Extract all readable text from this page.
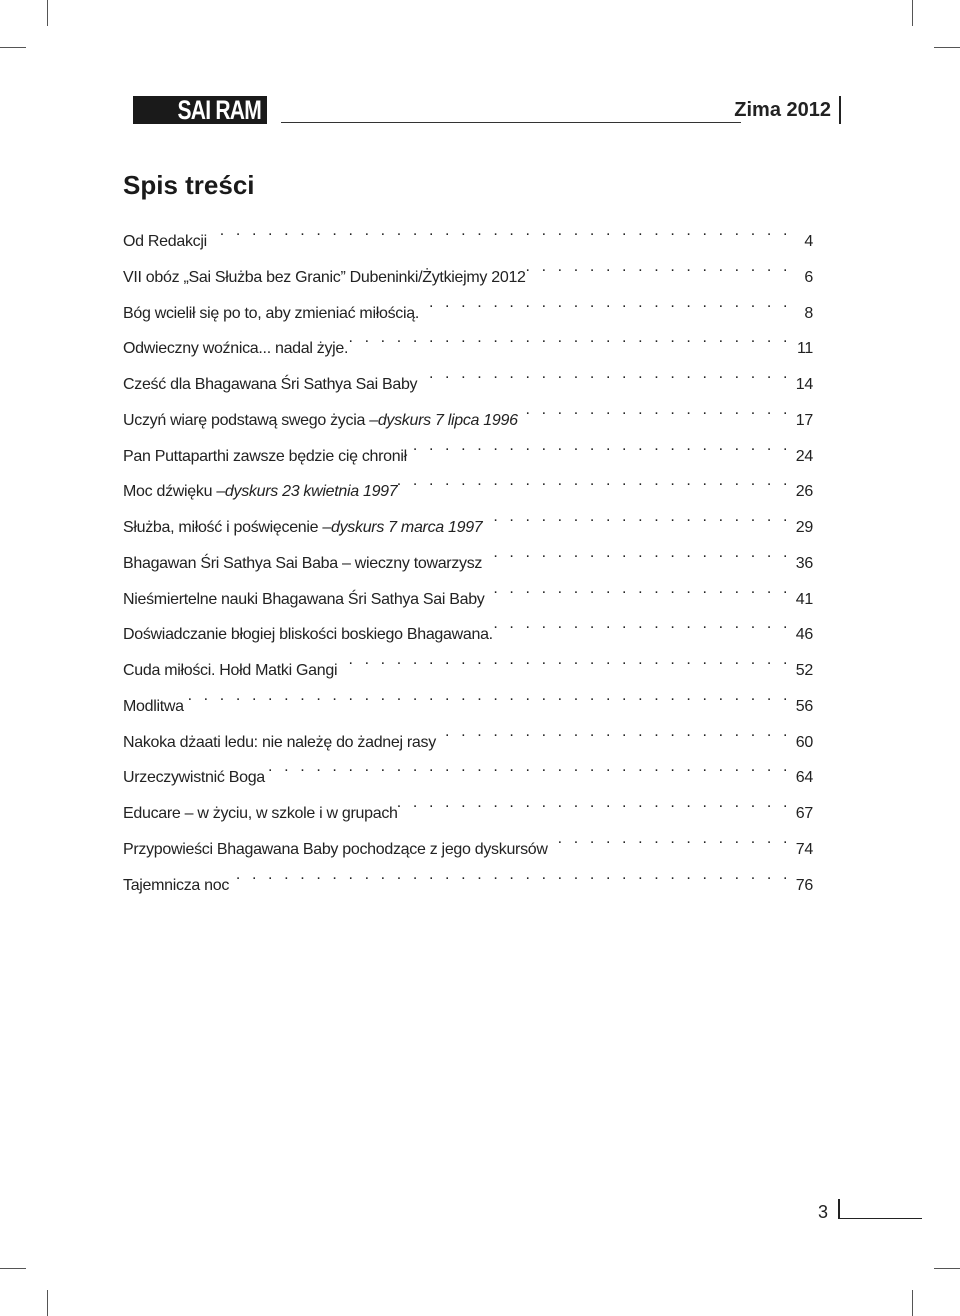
SAI RAM	Zima 2012
Spis treści
Od Redakcji . . .	4
VII obóz „Sai Służba bez Granic” Dubeninki/Żytkiejmy 2012 . . .	6
Bóg wcielił się po to, aby zmieniać miłością. . . .	8
Odwieczny woźnica... nadal żyje. . . .	11
Cześć dla Bhagawana Śri Sathya Sai Baby . . .	14
Uczyń wiarę podstawą swego życia – dyskurs 7 lipca 1996 . . .	17
Pan Puttaparthi zawsze będzie cię chronił . . .	24
Moc dźwięku – dyskurs 23 kwietnia 1997 . . .	26
Służba, miłość i poświęcenie – dyskurs 7 marca 1997 . . .	29
Bhagawan Śri Sathya Sai Baba – wieczny towarzysz . . .	36
Nieśmiertelne nauki Bhagawana Śri Sathya Sai Baby . . .	41
Doświadczanie błogiej bliskości boskiego Bhagawana. . . .	46
Cuda miłości. Hołd Matki Gangi . . .	52
Modlitwa . . .	56
Nakoka dżaati ledu: nie należę do żadnej rasy . . .	60
Urzeczywistnić Boga . . .	64
Educare – w życiu, w szkole i w grupach . . .	67
Przypowieści Bhagawana Baby pochodzące z jego dyskursów . . .	74
Tajemnicza noc . . .	76
3
